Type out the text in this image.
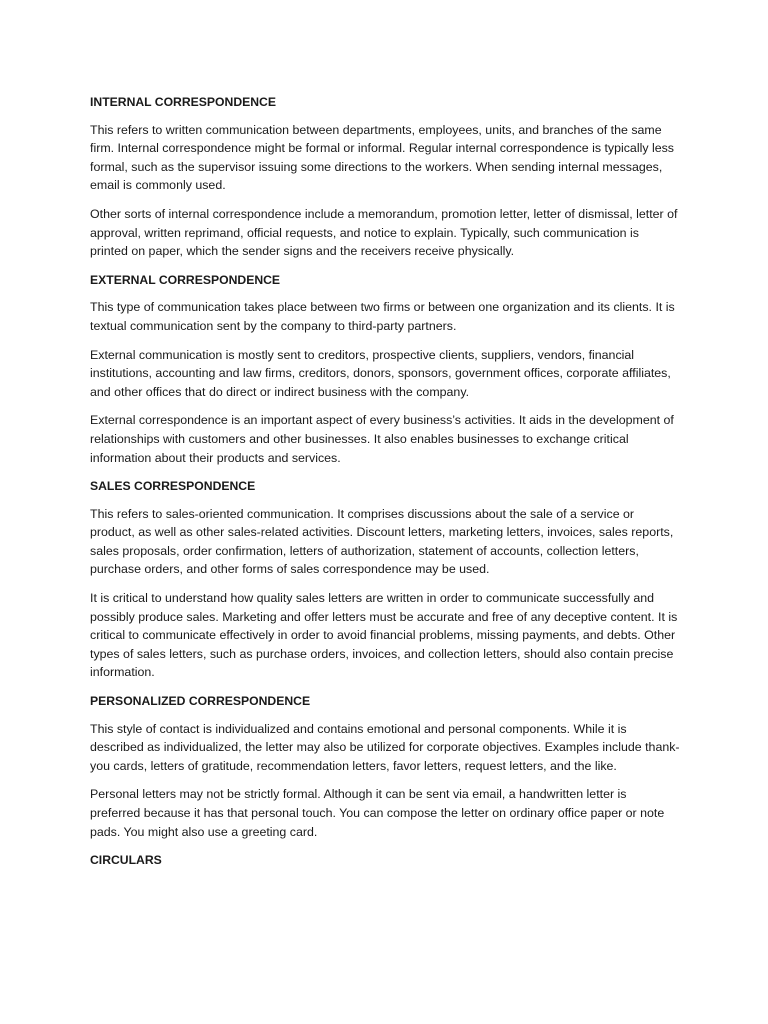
INTERNAL CORRESPONDENCE
This refers to written communication between departments, employees, units, and branches of the same firm. Internal correspondence might be formal or informal. Regular internal correspondence is typically less formal, such as the supervisor issuing some directions to the workers. When sending internal messages, email is commonly used.
Other sorts of internal correspondence include a memorandum, promotion letter, letter of dismissal, letter of approval, written reprimand, official requests, and notice to explain. Typically, such communication is printed on paper, which the sender signs and the receivers receive physically.
EXTERNAL CORRESPONDENCE
This type of communication takes place between two firms or between one organization and its clients. It is textual communication sent by the company to third-party partners.
External communication is mostly sent to creditors, prospective clients, suppliers, vendors, financial institutions, accounting and law firms, creditors, donors, sponsors, government offices, corporate affiliates, and other offices that do direct or indirect business with the company.
External correspondence is an important aspect of every business’s activities. It aids in the development of relationships with customers and other businesses. It also enables businesses to exchange critical information about their products and services.
SALES CORRESPONDENCE
This refers to sales-oriented communication. It comprises discussions about the sale of a service or product, as well as other sales-related activities. Discount letters, marketing letters, invoices, sales reports, sales proposals, order confirmation, letters of authorization, statement of accounts, collection letters, purchase orders, and other forms of sales correspondence may be used.
It is critical to understand how quality sales letters are written in order to communicate successfully and possibly produce sales. Marketing and offer letters must be accurate and free of any deceptive content. It is critical to communicate effectively in order to avoid financial problems, missing payments, and debts. Other types of sales letters, such as purchase orders, invoices, and collection letters, should also contain precise information.
PERSONALIZED CORRESPONDENCE
This style of contact is individualized and contains emotional and personal components. While it is described as individualized, the letter may also be utilized for corporate objectives. Examples include thank-you cards, letters of gratitude, recommendation letters, favor letters, request letters, and the like.
Personal letters may not be strictly formal. Although it can be sent via email, a handwritten letter is preferred because it has that personal touch. You can compose the letter on ordinary office paper or note pads. You might also use a greeting card.
CIRCULARS
